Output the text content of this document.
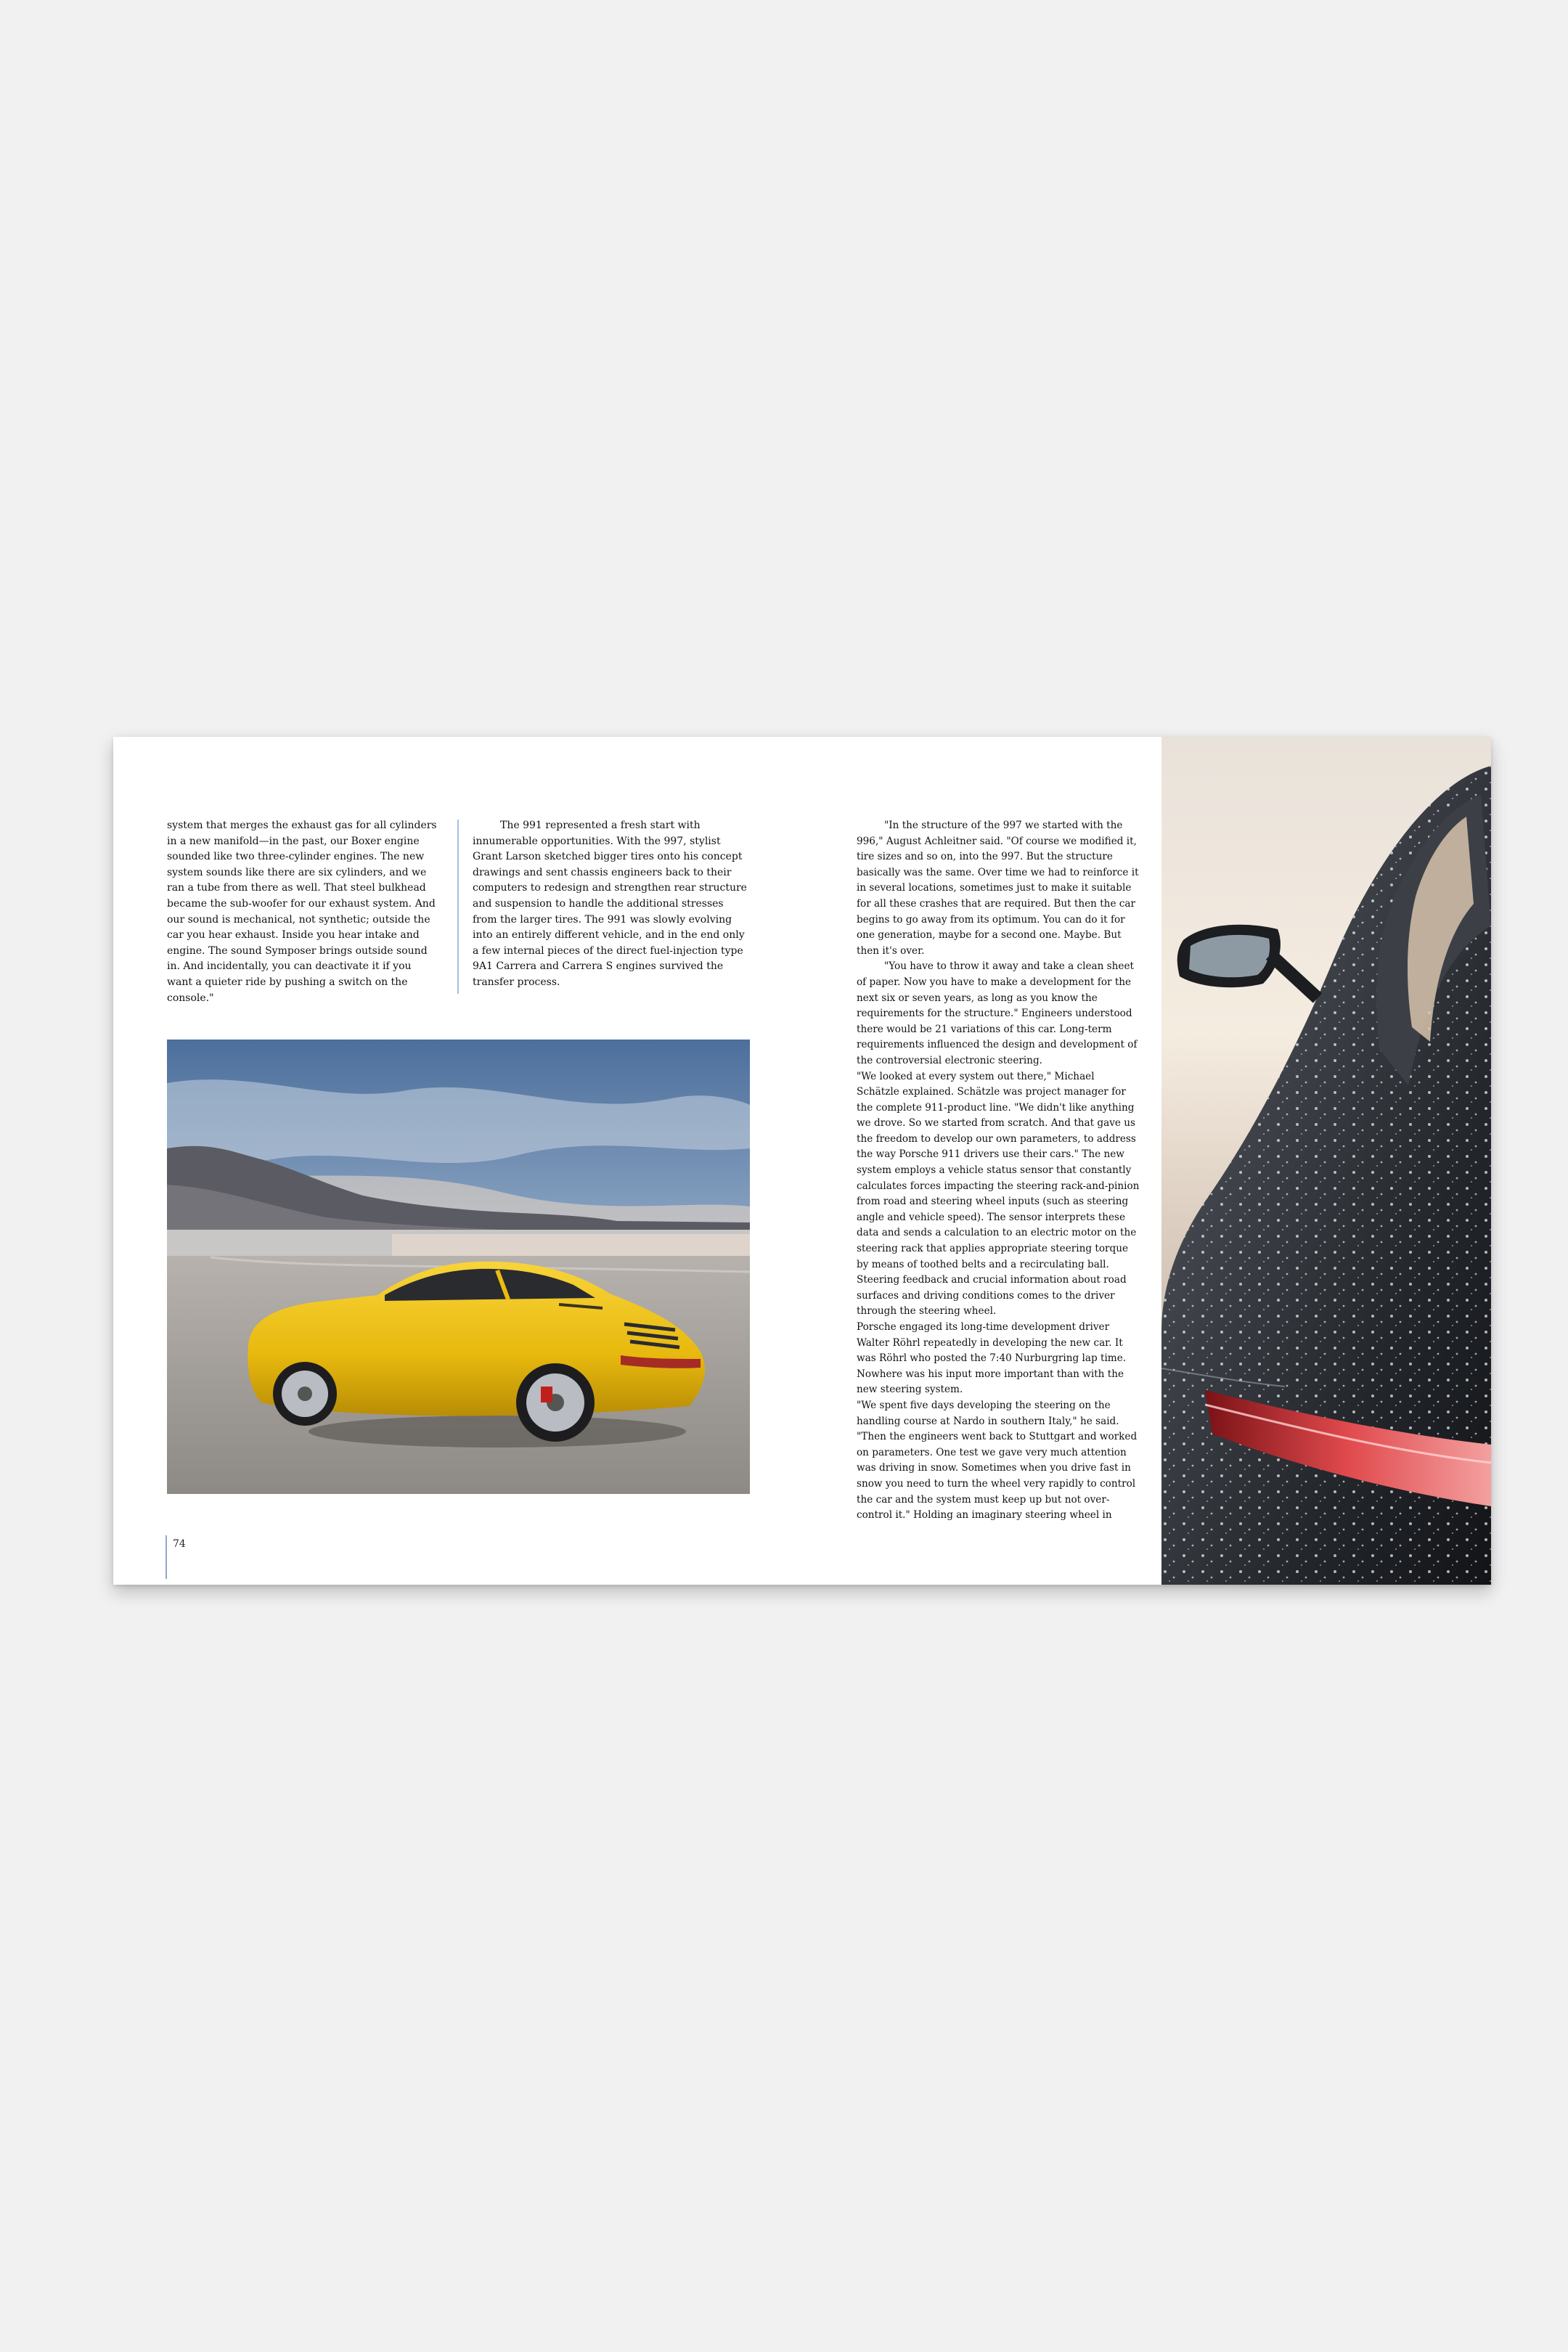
system that merges the exhaust gas for all cylinders in a new manifold—in the past, our Boxer engine sounded like two three-cylinder engines. The new system sounds like there are six cylinders, and we ran a tube from there as well. That steel bulkhead became the sub-woofer for our exhaust system. And our sound is mechanical, not synthetic; outside the car you hear exhaust. Inside you hear intake and engine. The sound Symposer brings outside sound in. And incidentally, you can deactivate it if you want a quieter ride by pushing a switch on the console."

The 991 represented a fresh start with innumerable opportunities. With the 997, stylist Grant Larson sketched bigger tires onto his concept drawings and sent chassis engineers back to their computers to redesign and strengthen rear structure and suspension to handle the additional stresses from the larger tires. The 991 was slowly evolving into an entirely different vehicle, and in the end only a few internal pieces of the direct fuel-injection type 9A1 Carrera and Carrera S engines survived the transfer process.

"In the structure of the 997 we started with the 996," August Achleitner said. "Of course we modified it, tire sizes and so on, into the 997. But the structure basically was the same. Over time we had to reinforce it in several locations, sometimes just to make it suitable for all these crashes that are required. But then the car begins to go away from its optimum. You can do it for one generation, maybe for a second one. Maybe. But then it's over.

"You have to throw it away and take a clean sheet of paper. Now you have to make a development for the next six or seven years, as long as you know the requirements for the structure." Engineers understood there would be 21 variations of this car. Long-term requirements influenced the design and development of the controversial electronic steering.

"We looked at every system out there," Michael Schätzle explained. Schätzle was project manager for the complete 911-product line. "We didn't like anything we drove. So we started from scratch. And that gave us the freedom to develop our own parameters, to address the way Porsche 911 drivers use their cars." The new system employs a vehicle status sensor that constantly calculates forces impacting the steering rack-and-pinion from road and steering wheel inputs (such as steering angle and vehicle speed). The sensor interprets these data and sends a calculation to an electric motor on the steering rack that applies appropriate steering torque by means of toothed belts and a recirculating ball. Steering feedback and crucial information about road surfaces and driving conditions comes to the driver through the steering wheel.

Porsche engaged its long-time development driver Walter Röhrl repeatedly in developing the new car. It was Röhrl who posted the 7:40 Nurburgring lap time. Nowhere was his input more important than with the new steering system.

"We spent five days developing the steering on the handling course at Nardo in southern Italy," he said. "Then the engineers went back to Stuttgart and worked on parameters. One test we gave very much attention was driving in snow. Sometimes when you drive fast in snow you need to turn the wheel very rapidly to control the car and the system must keep up but not over-control it." Holding an imaginary steering wheel in

74
